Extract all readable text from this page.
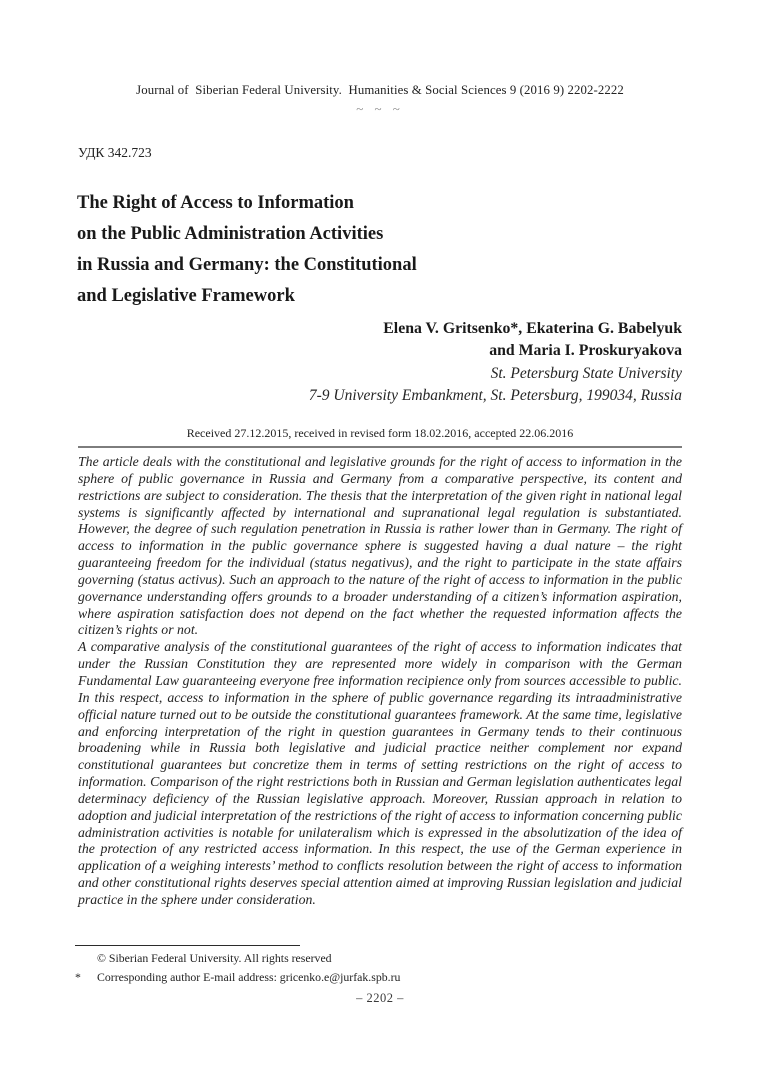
Journal of  Siberian Federal University.  Humanities & Social Sciences 9 (2016 9) 2202-2222
~ ~ ~
УДК 342.723
The Right of Access to Information
on the Public Administration Activities
in Russia and Germany: the Constitutional
and Legislative Framework
Elena V. Gritsenko*, Ekaterina G. Babelyuk
and Maria I. Proskuryakova
St. Petersburg State University
7-9 University Embankment, St. Petersburg, 199034, Russia
Received 27.12.2015, received in revised form 18.02.2016, accepted 22.06.2016

The article deals with the constitutional and legislative grounds for the right of access to information in the sphere of public governance in Russia and Germany from a comparative perspective, its content and restrictions are subject to consideration. The thesis that the interpretation of the given right in national legal systems is significantly affected by international and supranational legal regulation is substantiated. However, the degree of such regulation penetration in Russia is rather lower than in Germany. The right of access to information in the public governance sphere is suggested having a dual nature – the right guaranteeing freedom for the individual (status negativus), and the right to participate in the state affairs governing (status activus). Such an approach to the nature of the right of access to information in the public governance understanding offers grounds to a broader understanding of a citizen’s information aspiration, where aspiration satisfaction does not depend on the fact whether the requested information affects the citizen’s rights or not.

A comparative analysis of the constitutional guarantees of the right of access to information indicates that under the Russian Constitution they are represented more widely in comparison with the German Fundamental Law guaranteeing everyone free information recipience only from sources accessible to public. In this respect, access to information in the sphere of public governance regarding its intraadministrative official nature turned out to be outside the constitutional guarantees framework. At the same time, legislative and enforcing interpretation of the right in question guarantees in Germany tends to their continuous broadening while in Russia both legislative and judicial practice neither complement nor expand constitutional guarantees but concretize them in terms of setting restrictions on the right of access to information. Comparison of the right restrictions both in Russian and German legislation authenticates legal determinacy deficiency of the Russian legislative approach. Moreover, Russian approach in relation to adoption and judicial interpretation of the restrictions of the right of access to information concerning public administration activities is notable for unilateralism which is expressed in the absolutization of the idea of the protection of any restricted access information. In this respect, the use of the German experience in application of a weighing interests’ method to conflicts resolution between the right of access to information and other constitutional rights deserves special attention aimed at improving Russian legislation and judicial practice in the sphere under consideration.

© Siberian Federal University. All rights reserved
*	Corresponding author E-mail address: gricenko.e@jurfak.spb.ru
– 2202 –
